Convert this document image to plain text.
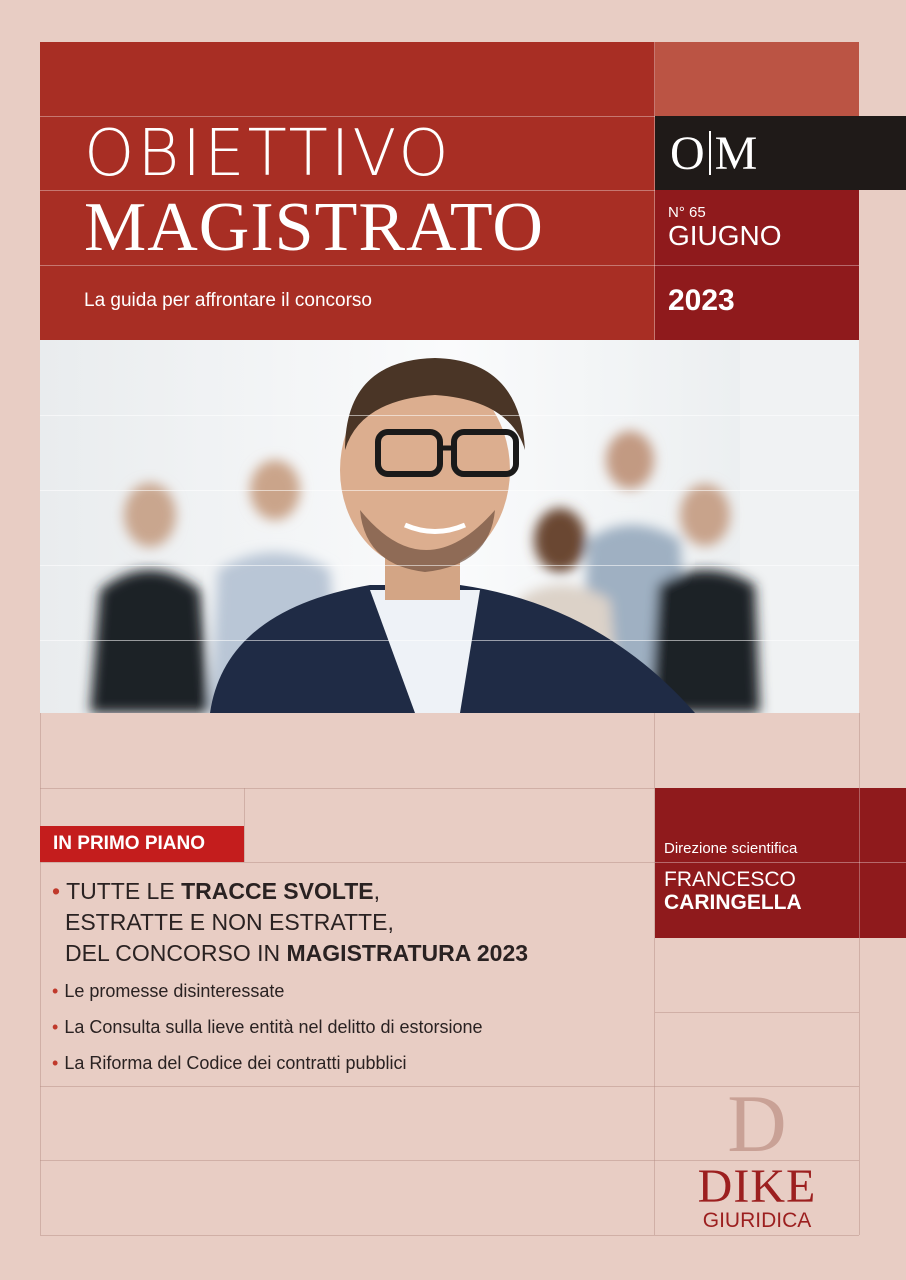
OBIETTIVO
MAGISTRATO
La guida per affrontare il concorso
O M
N° 65
GIUGNO
2023
IN PRIMO PIANO
• TUTTE LE TRACCE SVOLTE,
ESTRATTE E NON ESTRATTE,
DEL CONCORSO IN MAGISTRATURA 2023
• Le promesse disinteressate
• La Consulta sulla lieve entità nel delitto di estorsione
• La Riforma del Codice dei contratti pubblici
Direzione scientifica
FRANCESCO
CARINGELLA
D
DIKE
GIURIDICA
